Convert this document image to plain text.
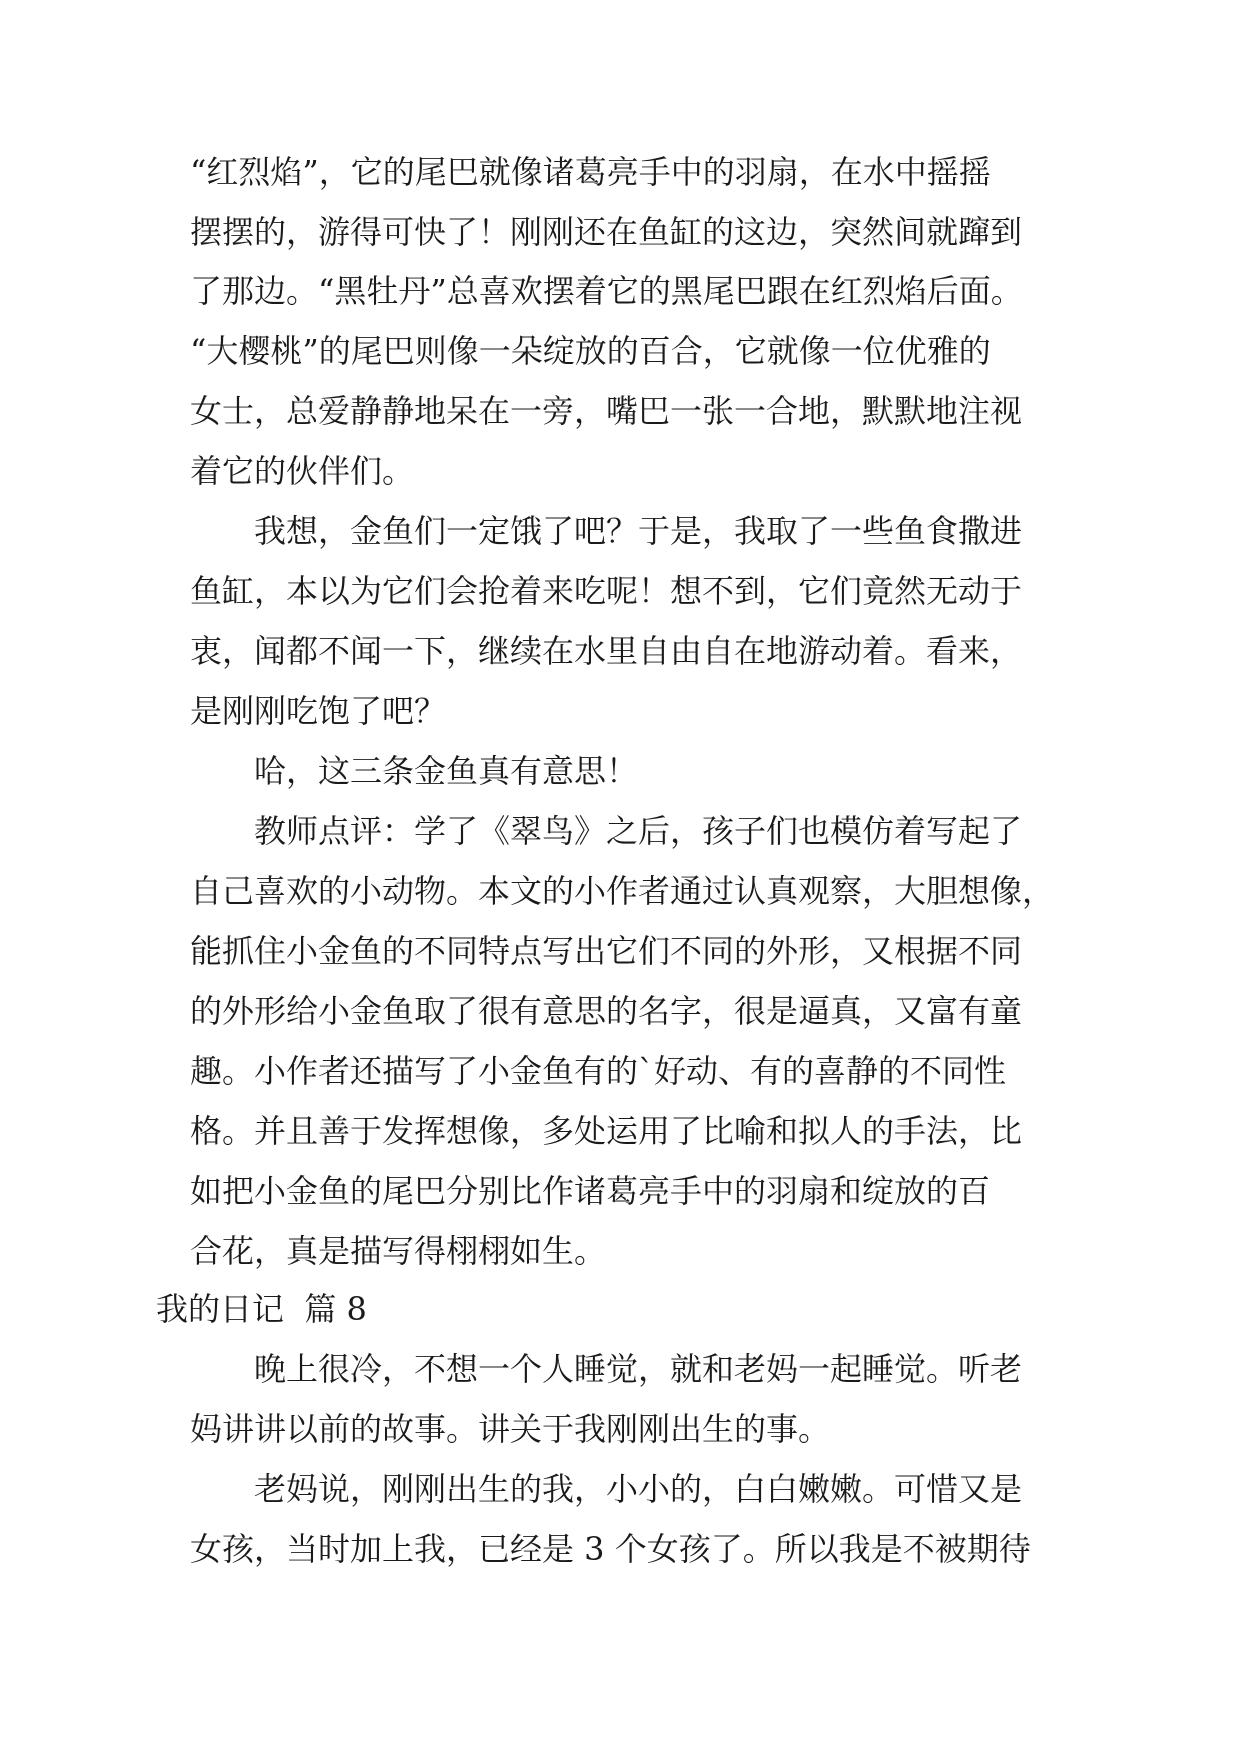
“红烈焰”，它的尾巴就像诸葛亮手中的羽扇，在水中摇摇
摆摆的，游得可快了！刚刚还在鱼缸的这边，突然间就蹿到
了那边。“黑牡丹”总喜欢摆着它的黑尾巴跟在红烈焰后面。
“大樱桃”的尾巴则像一朵绽放的百合，它就像一位优雅的
女士，总爱静静地呆在一旁，嘴巴一张一合地，默默地注视
着它的伙伴们。
我想，金鱼们一定饿了吧？于是，我取了一些鱼食撒进
鱼缸，本以为它们会抢着来吃呢！想不到，它们竟然无动于
衷，闻都不闻一下，继续在水里自由自在地游动着。看来，
是刚刚吃饱了吧？
哈，这三条金鱼真有意思！
教师点评：学了《翠鸟》之后，孩子们也模仿着写起了
自己喜欢的小动物。本文的小作者通过认真观察，大胆想像，
能抓住小金鱼的不同特点写出它们不同的外形，又根据不同
的外形给小金鱼取了很有意思的名字，很是逼真，又富有童
趣。小作者还描写了小金鱼有的`好动、有的喜静的不同性
格。并且善于发挥想像，多处运用了比喻和拟人的手法，比
如把小金鱼的尾巴分别比作诸葛亮手中的羽扇和绽放的百
合花，真是描写得栩栩如生。
我的日记  篇 8
晚上很冷，不想一个人睡觉，就和老妈一起睡觉。听老
妈讲讲以前的故事。讲关于我刚刚出生的事。
老妈说，刚刚出生的我，小小的，白白嫩嫩。可惜又是
女孩，当时加上我，已经是 3 个女孩了。所以我是不被期待
